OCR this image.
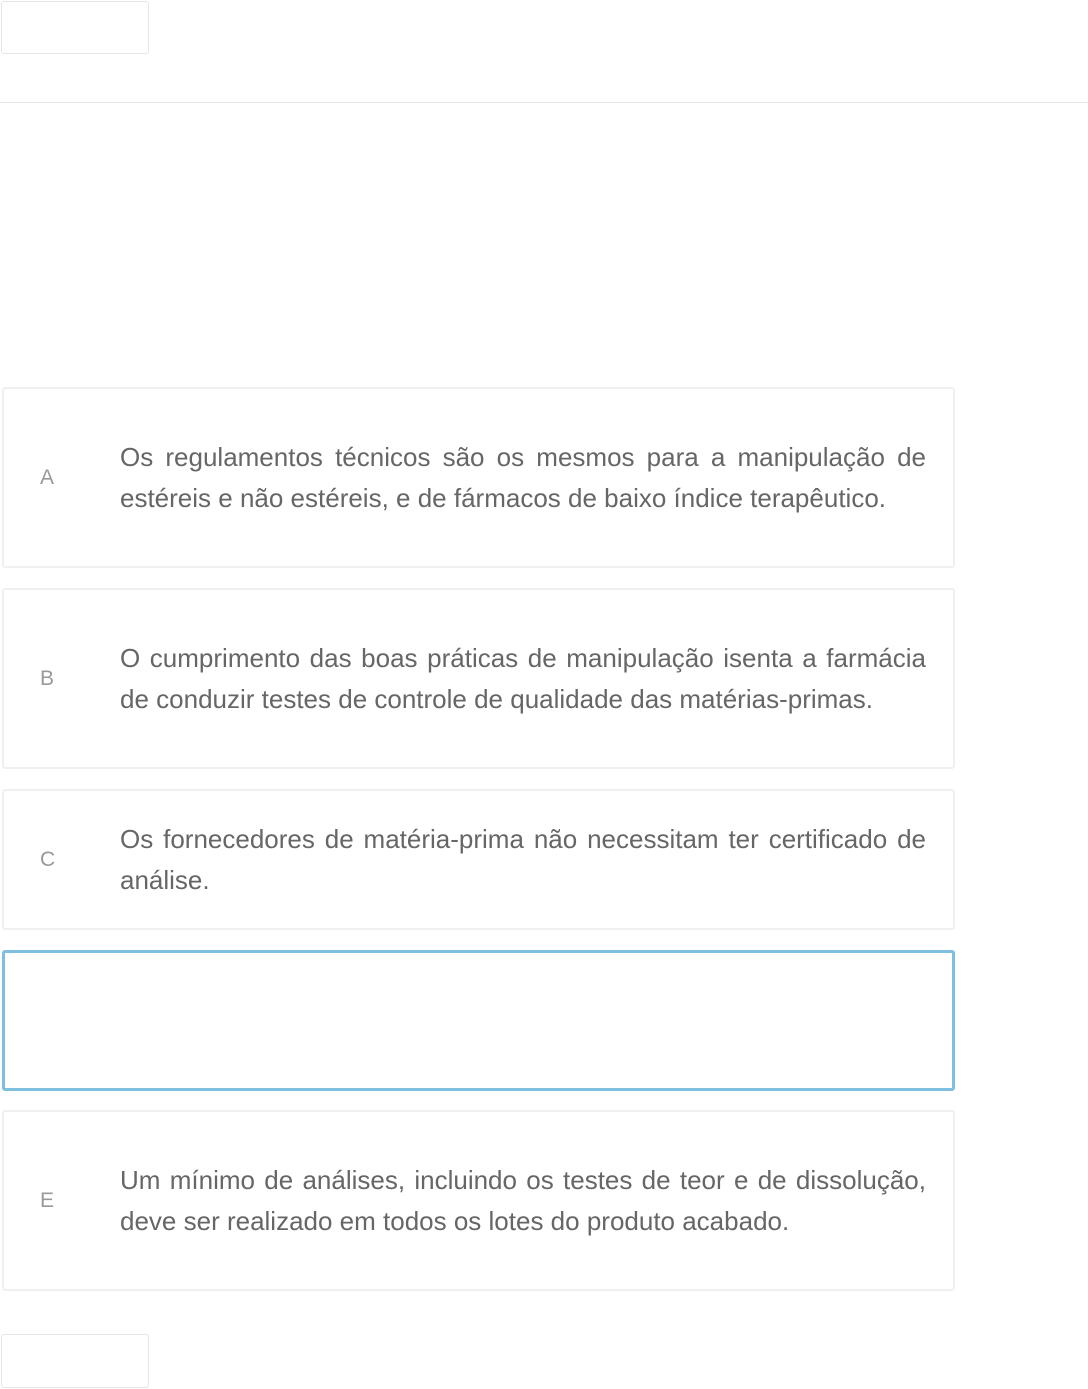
A
Os regulamentos técnicos são os mesmos para a manipulação de estéreis e não estéreis, e de fármacos de baixo índice terapêutico.
B
O cumprimento das boas práticas de manipulação isenta a farmácia de conduzir testes de controle de qualidade das matérias-primas.
C
Os fornecedores de matéria-prima não necessitam ter certificado de análise.
E
Um mínimo de análises, incluindo os testes de teor e de dissolução, deve ser realizado em todos os lotes do produto acabado.
